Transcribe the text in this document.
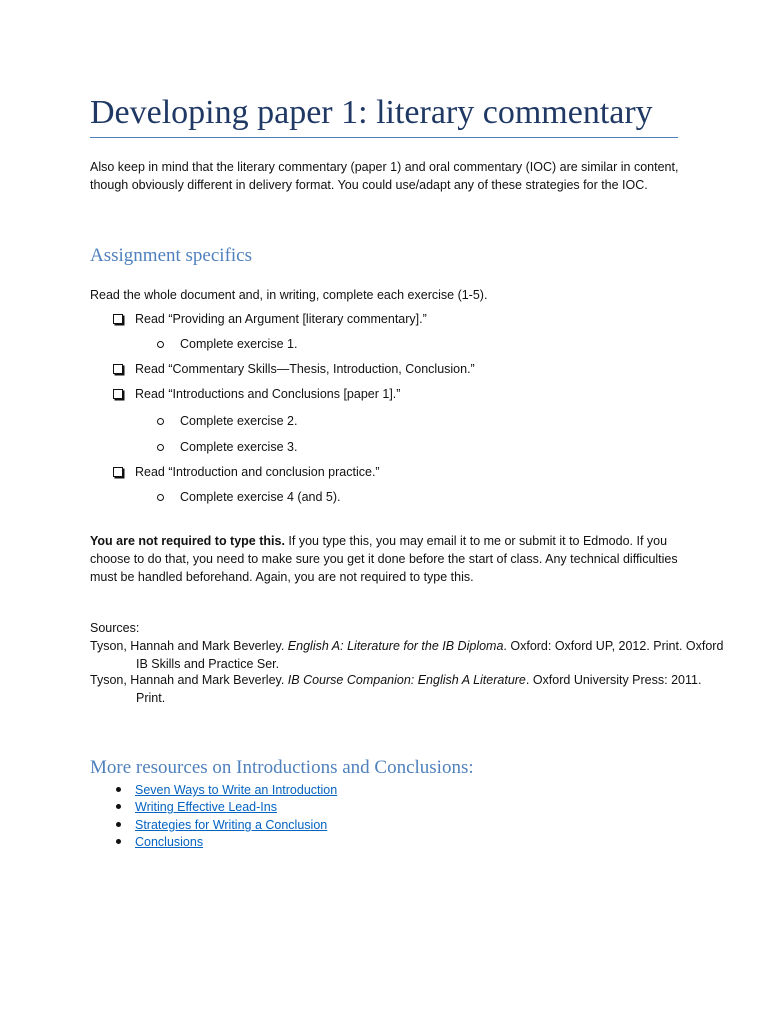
Developing paper 1: literary commentary
Also keep in mind that the literary commentary (paper 1) and oral commentary (IOC) are similar in content, though obviously different in delivery format. You could use/adapt any of these strategies for the IOC.
Assignment specifics
Read the whole document and, in writing, complete each exercise (1-5).
Read “Providing an Argument [literary commentary].”
Complete exercise 1.
Read “Commentary Skills—Thesis, Introduction, Conclusion.”
Read “Introductions and Conclusions [paper 1].”
Complete exercise 2.
Complete exercise 3.
Read “Introduction and conclusion practice.”
Complete exercise 4 (and 5).
You are not required to type this. If you type this, you may email it to me or submit it to Edmodo. If you choose to do that, you need to make sure you get it done before the start of class. Any technical difficulties must be handled beforehand. Again, you are not required to type this.
Sources:
Tyson, Hannah and Mark Beverley. English A: Literature for the IB Diploma. Oxford: Oxford UP, 2012. Print. Oxford IB Skills and Practice Ser.
Tyson, Hannah and Mark Beverley. IB Course Companion: English A Literature. Oxford University Press: 2011. Print.
More resources on Introductions and Conclusions:
Seven Ways to Write an Introduction
Writing Effective Lead-Ins
Strategies for Writing a Conclusion
Conclusions
